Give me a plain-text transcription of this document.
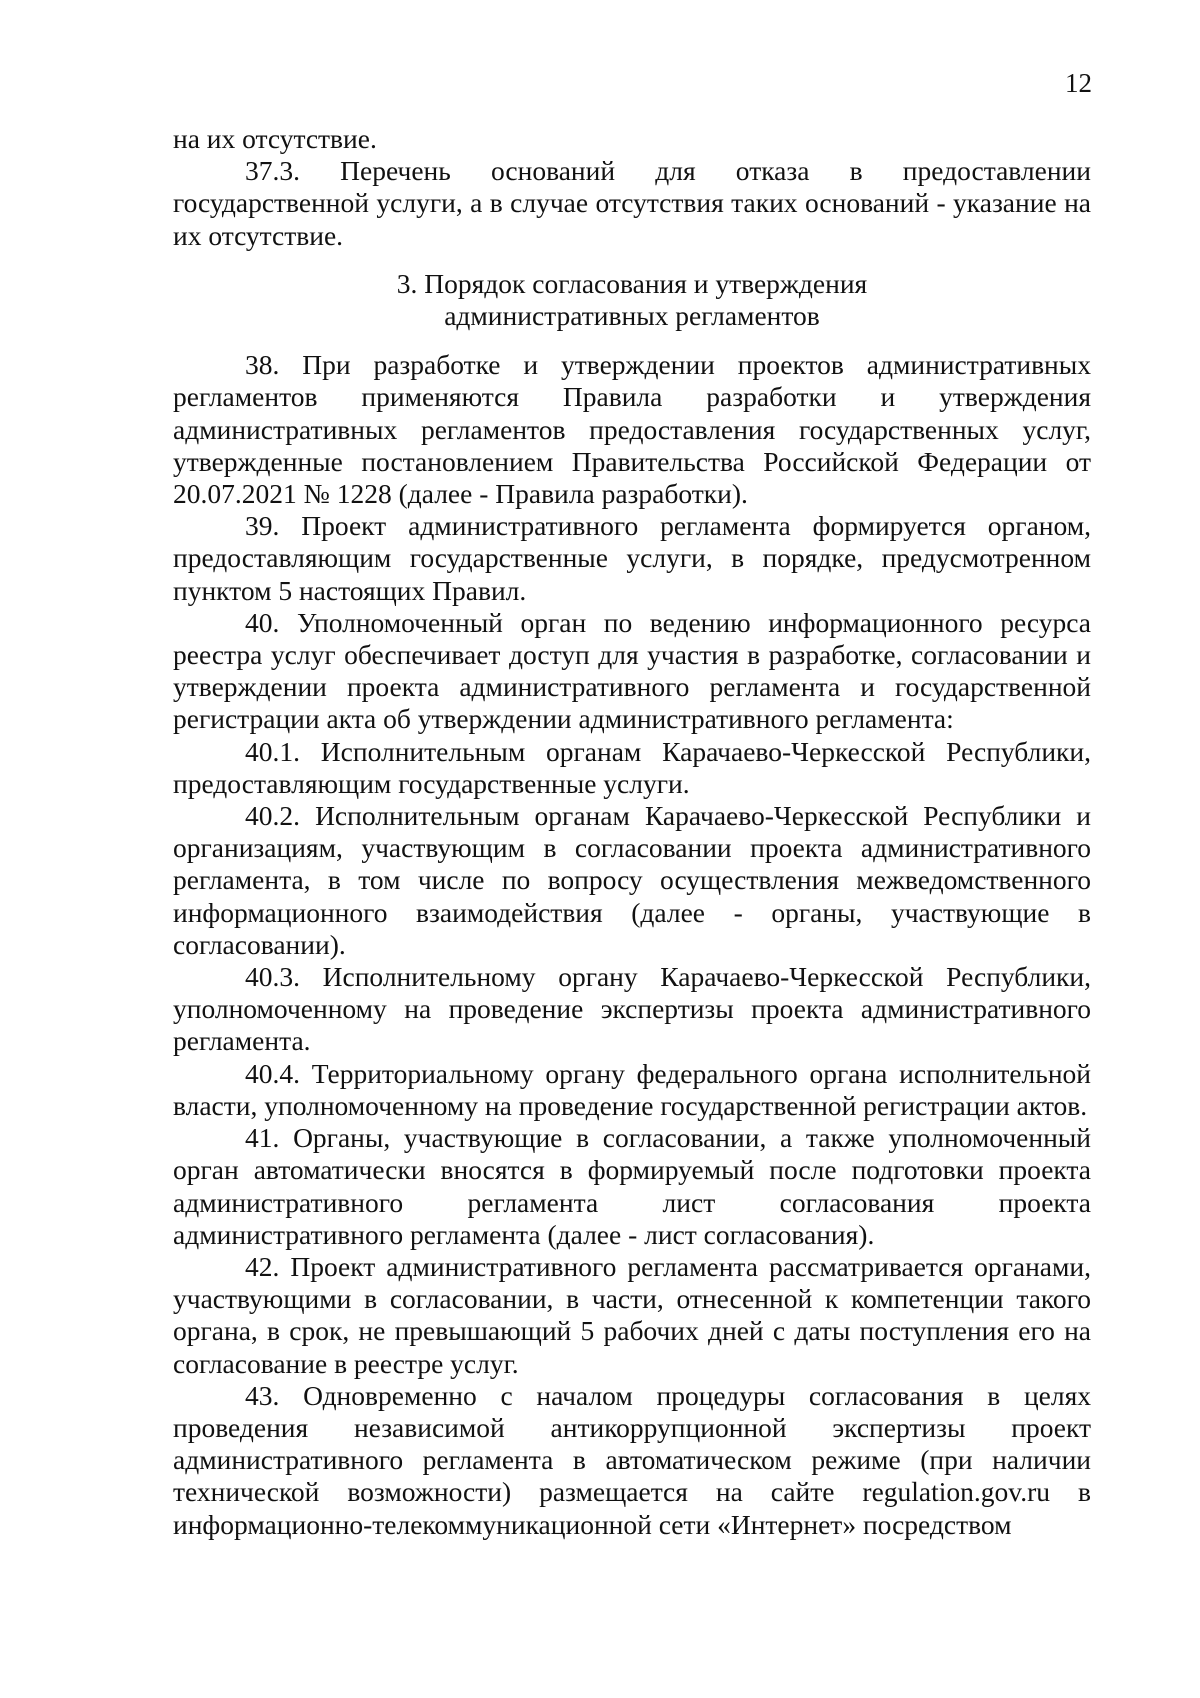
12

на их отсутствие.

37.3. Перечень оснований для отказа в предоставлении государственной услуги, а в случае отсутствия таких оснований - указание на их отсутствие.

3. Порядок согласования и утверждения
административных регламентов

38. При разработке и утверждении проектов административных регламентов применяются Правила разработки и утверждения административных регламентов предоставления государственных услуг, утвержденные постановлением Правительства Российской Федерации от 20.07.2021 № 1228 (далее - Правила разработки).

39. Проект административного регламента формируется органом, предоставляющим государственные услуги, в порядке, предусмотренном пунктом 5 настоящих Правил.

40. Уполномоченный орган по ведению информационного ресурса реестра услуг обеспечивает доступ для участия в разработке, согласовании и утверждении проекта административного регламента и государственной регистрации акта об утверждении административного регламента:

40.1. Исполнительным органам Карачаево-Черкесской Республики, предоставляющим государственные услуги.

40.2. Исполнительным органам Карачаево-Черкесской Республики и организациям, участвующим в согласовании проекта административного регламента, в том числе по вопросу осуществления межведомственного информационного взаимодействия (далее - органы, участвующие в согласовании).

40.3. Исполнительному органу Карачаево-Черкесской Республики, уполномоченному на проведение экспертизы проекта административного регламента.

40.4. Территориальному органу федерального органа исполнительной власти, уполномоченному на проведение государственной регистрации актов.

41. Органы, участвующие в согласовании, а также уполномоченный орган автоматически вносятся в формируемый после подготовки проекта административного регламента лист согласования проекта административного регламента (далее - лист согласования).

42. Проект административного регламента рассматривается органами, участвующими в согласовании, в части, отнесенной к компетенции такого органа, в срок, не превышающий 5 рабочих дней с даты поступления его на согласование в реестре услуг.

43. Одновременно с началом процедуры согласования в целях проведения независимой антикоррупционной экспертизы проект административного регламента в автоматическом режиме (при наличии технической возможности) размещается на сайте regulation.gov.ru в информационно-телекоммуникационной сети «Интернет» посредством
